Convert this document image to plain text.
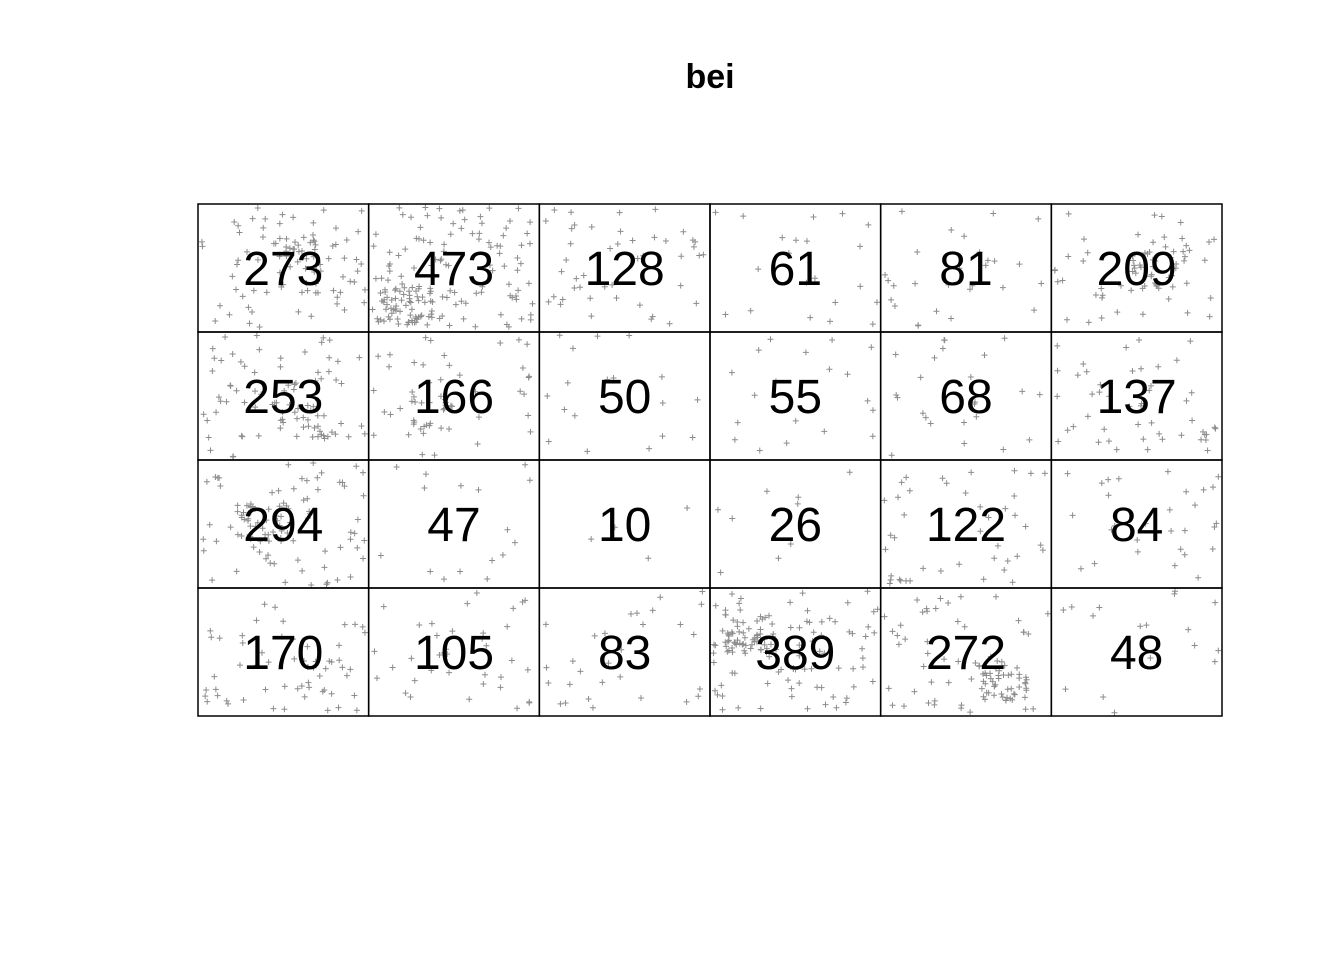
bei
273 473 128 61 81 209
253 166 50 55 68 137
294 47 10 26 122 84
170 105 83 389 272 48
